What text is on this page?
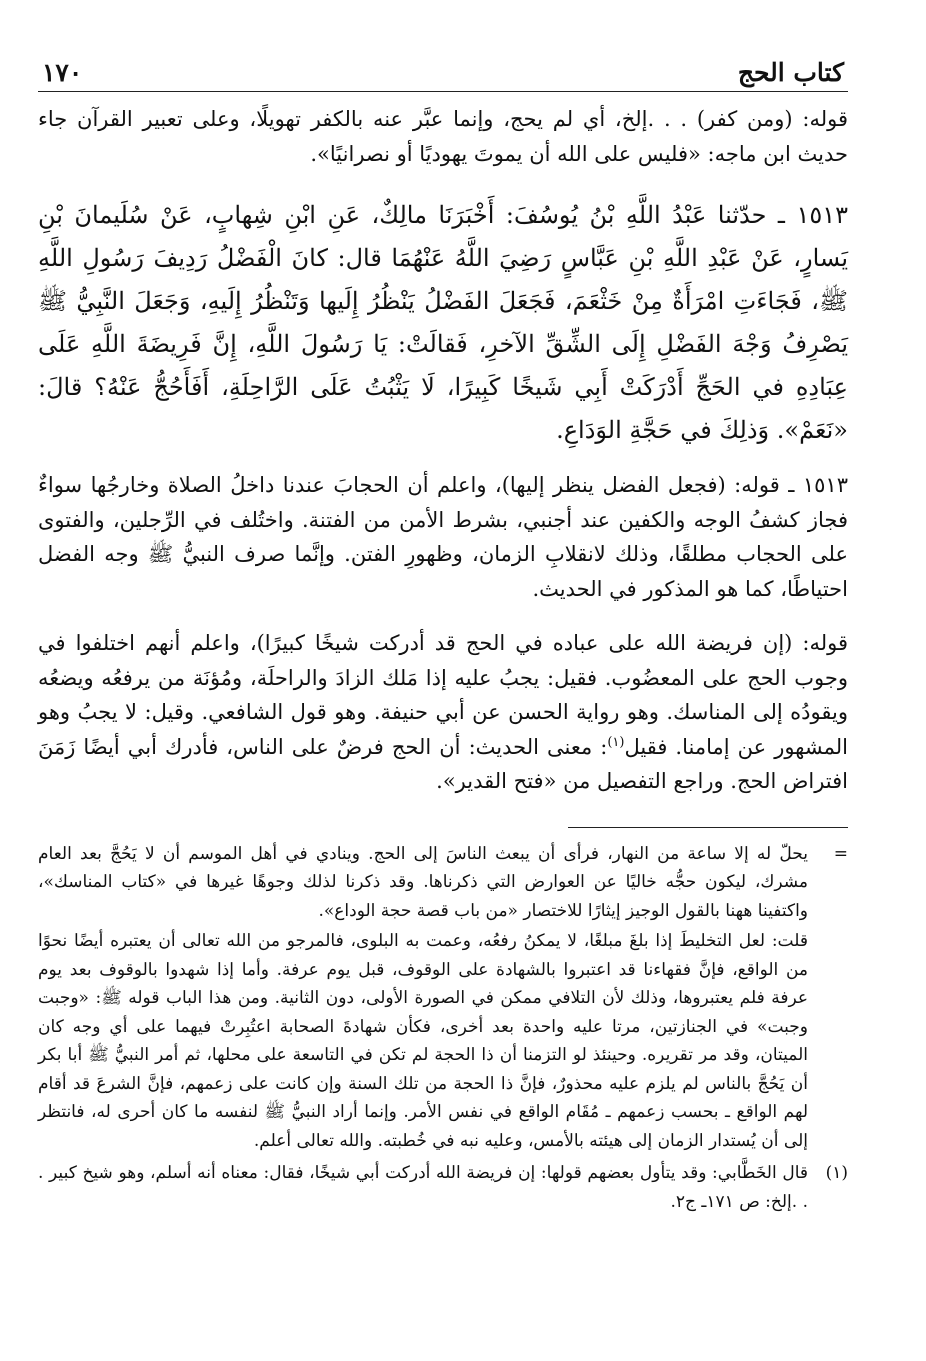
كتاب الحج
١٧٠

قوله: (ومن كفر) . . .إلخ، أي لم يحج، وإنما عبَّر عنه بالكفر تهويلًا، وعلى تعبير القرآن جاء حديث ابن ماجه: «فليس على الله أن يموتَ يهوديًا أو نصرانيًا».

١٥١٣ ـ حدّثنا عَبْدُ اللَّهِ بْنُ يُوسُفَ: أَخْبَرَنَا مالِكٌ، عَنِ ابْنِ شِهابٍ، عَنْ سُلَيمانَ بْنِ يَسارٍ، عَنْ عَبْدِ اللَّهِ بْنِ عَبَّاسٍ رَضِيَ اللَّهُ عَنْهُمَا قال: كانَ الْفَضْلُ رَدِيفَ رَسُولِ اللَّهِ ﷺ، فَجَاءَتِ امْرَأَةٌ مِنْ خَثْعَمَ، فَجَعَلَ الفَضْلُ يَنْظُرُ إِلَيها وَتَنْظُرُ إِلَيهِ، وَجَعَلَ النَّبِيُّ ﷺ يَصْرِفُ وَجْهَ الفَضْلِ إِلَى الشِّقِّ الآخرِ، فَقالَتْ: يَا رَسُولَ اللَّهِ، إِنَّ فَرِيضَةَ اللَّهِ عَلَى عِبَادِهِ في الحَجِّ أَدْرَكَتْ أَبِي شَيخًا كَبِيرًا، لَا يَثْبُتُ عَلَى الرَّاحِلَةِ، أَفَأَحُجُّ عَنْهُ؟ قالَ: «نَعَمْ». وَذلِكَ في حَجَّةِ الوَدَاعِ.

١٥١٣ ـ قوله: (فجعل الفضل ينظر إليها)، واعلم أن الحجابَ عندنا داخلُ الصلاة وخارجُها سواءٌ فجاز كشفُ الوجه والكفين عند أجنبي، بشرط الأمن من الفتنة. واختُلف في الرِّجلين، والفتوى على الحجاب مطلقًا، وذلك لانقلابِ الزمان، وظهورِ الفتن. وإنَّما صرف النبيُّ ﷺ وجه الفضل احتياطًا، كما هو المذكور في الحديث.

قوله: (إن فريضة الله على عباده في الحج قد أدركت شيخًا كبيرًا)، واعلم أنهم اختلفوا في وجوب الحج على المعضُوب. فقيل: يجبُ عليه إذا مَلك الزادَ والراحلَة، ومُؤنَة من يرفعُه ويضعُه ويقودُه إلى المناسك. وهو رواية الحسن عن أبي حنيفة. وهو قول الشافعي. وقيل: لا يجبُ وهو المشهور عن إمامنا. فقيل$^{(١)}$: معنى الحديث: أن الحج فرضٌ على الناس، فأدرك أبي أيضًا زَمَنَ افتراض الحج. وراجع التفصيل من «فتح القدير».

=

يحلّ له إلا ساعة من النهار، فرأى أن يبعث الناسَ إلى الحج. وينادي في أهل الموسم أن لا يَحُجَّ بعد العام مشرك، ليكون حجُّه خاليًا عن العوارض التي ذكرناها. وقد ذكرنا لذلك وجوهًا غيرها في «كتاب المناسك»، واكتفينا ههنا بالقول الوجيز إيثارًا للاختصار «من باب قصة حجة الوداع».

قلت: لعل التخليطَ إذا بلغَ مبلغًا، لا يمكنُ رفعُه، وعمت به البلوى، فالمرجو من الله تعالى أن يعتبره أيضًا نحوًا من الواقع، فإنَّ فقهاءنا قد اعتبروا بالشهادة على الوقوف، قبل يوم عرفة. وأما إذا شهدوا بالوقوف بعد يوم عرفة فلم يعتبروها، وذلك لأن التلافي ممكن في الصورة الأولى، دون الثانية. ومن هذا الباب قوله ﷺ: «وجبت وجبت» في الجنازتين، مرتا عليه واحدة بعد أخرى، فكأن شهادةَ الصحابة اعتُبِرتْ فيهما على أي وجه كان الميتان، وقد مر تقريره. وحينئذ لو التزمنا أن ذا الحجة لم تكن في التاسعة على محلها، ثم أمر النبيُّ ﷺ أبا بكر أن يَحُجَّ بالناس لم يلزم عليه محذورٌ، فإنَّ ذا الحجة من تلك السنة وإن كانت على زعمهم، فإنَّ الشرعَ قد أقام لهم الواقع ـ بحسب زعمهم ـ مُقَام الواقع في نفس الأمر. وإنما أراد النبيُّ ﷺ لنفسه ما كان أحرى له، فانتظر إلى أن يُستدار الزمان إلى هيئته بالأمس، وعليه نبه في خُطبته. والله تعالى أعلم.

(١)

قال الخَطَّابي: وقد يتأول بعضهم قولها: إن فريضة الله أدركت أبي شيخًا، فقال: معناه أنه أسلم، وهو شيخ كبير . . .إلخ: ص ١٧١ـ ج٢.
